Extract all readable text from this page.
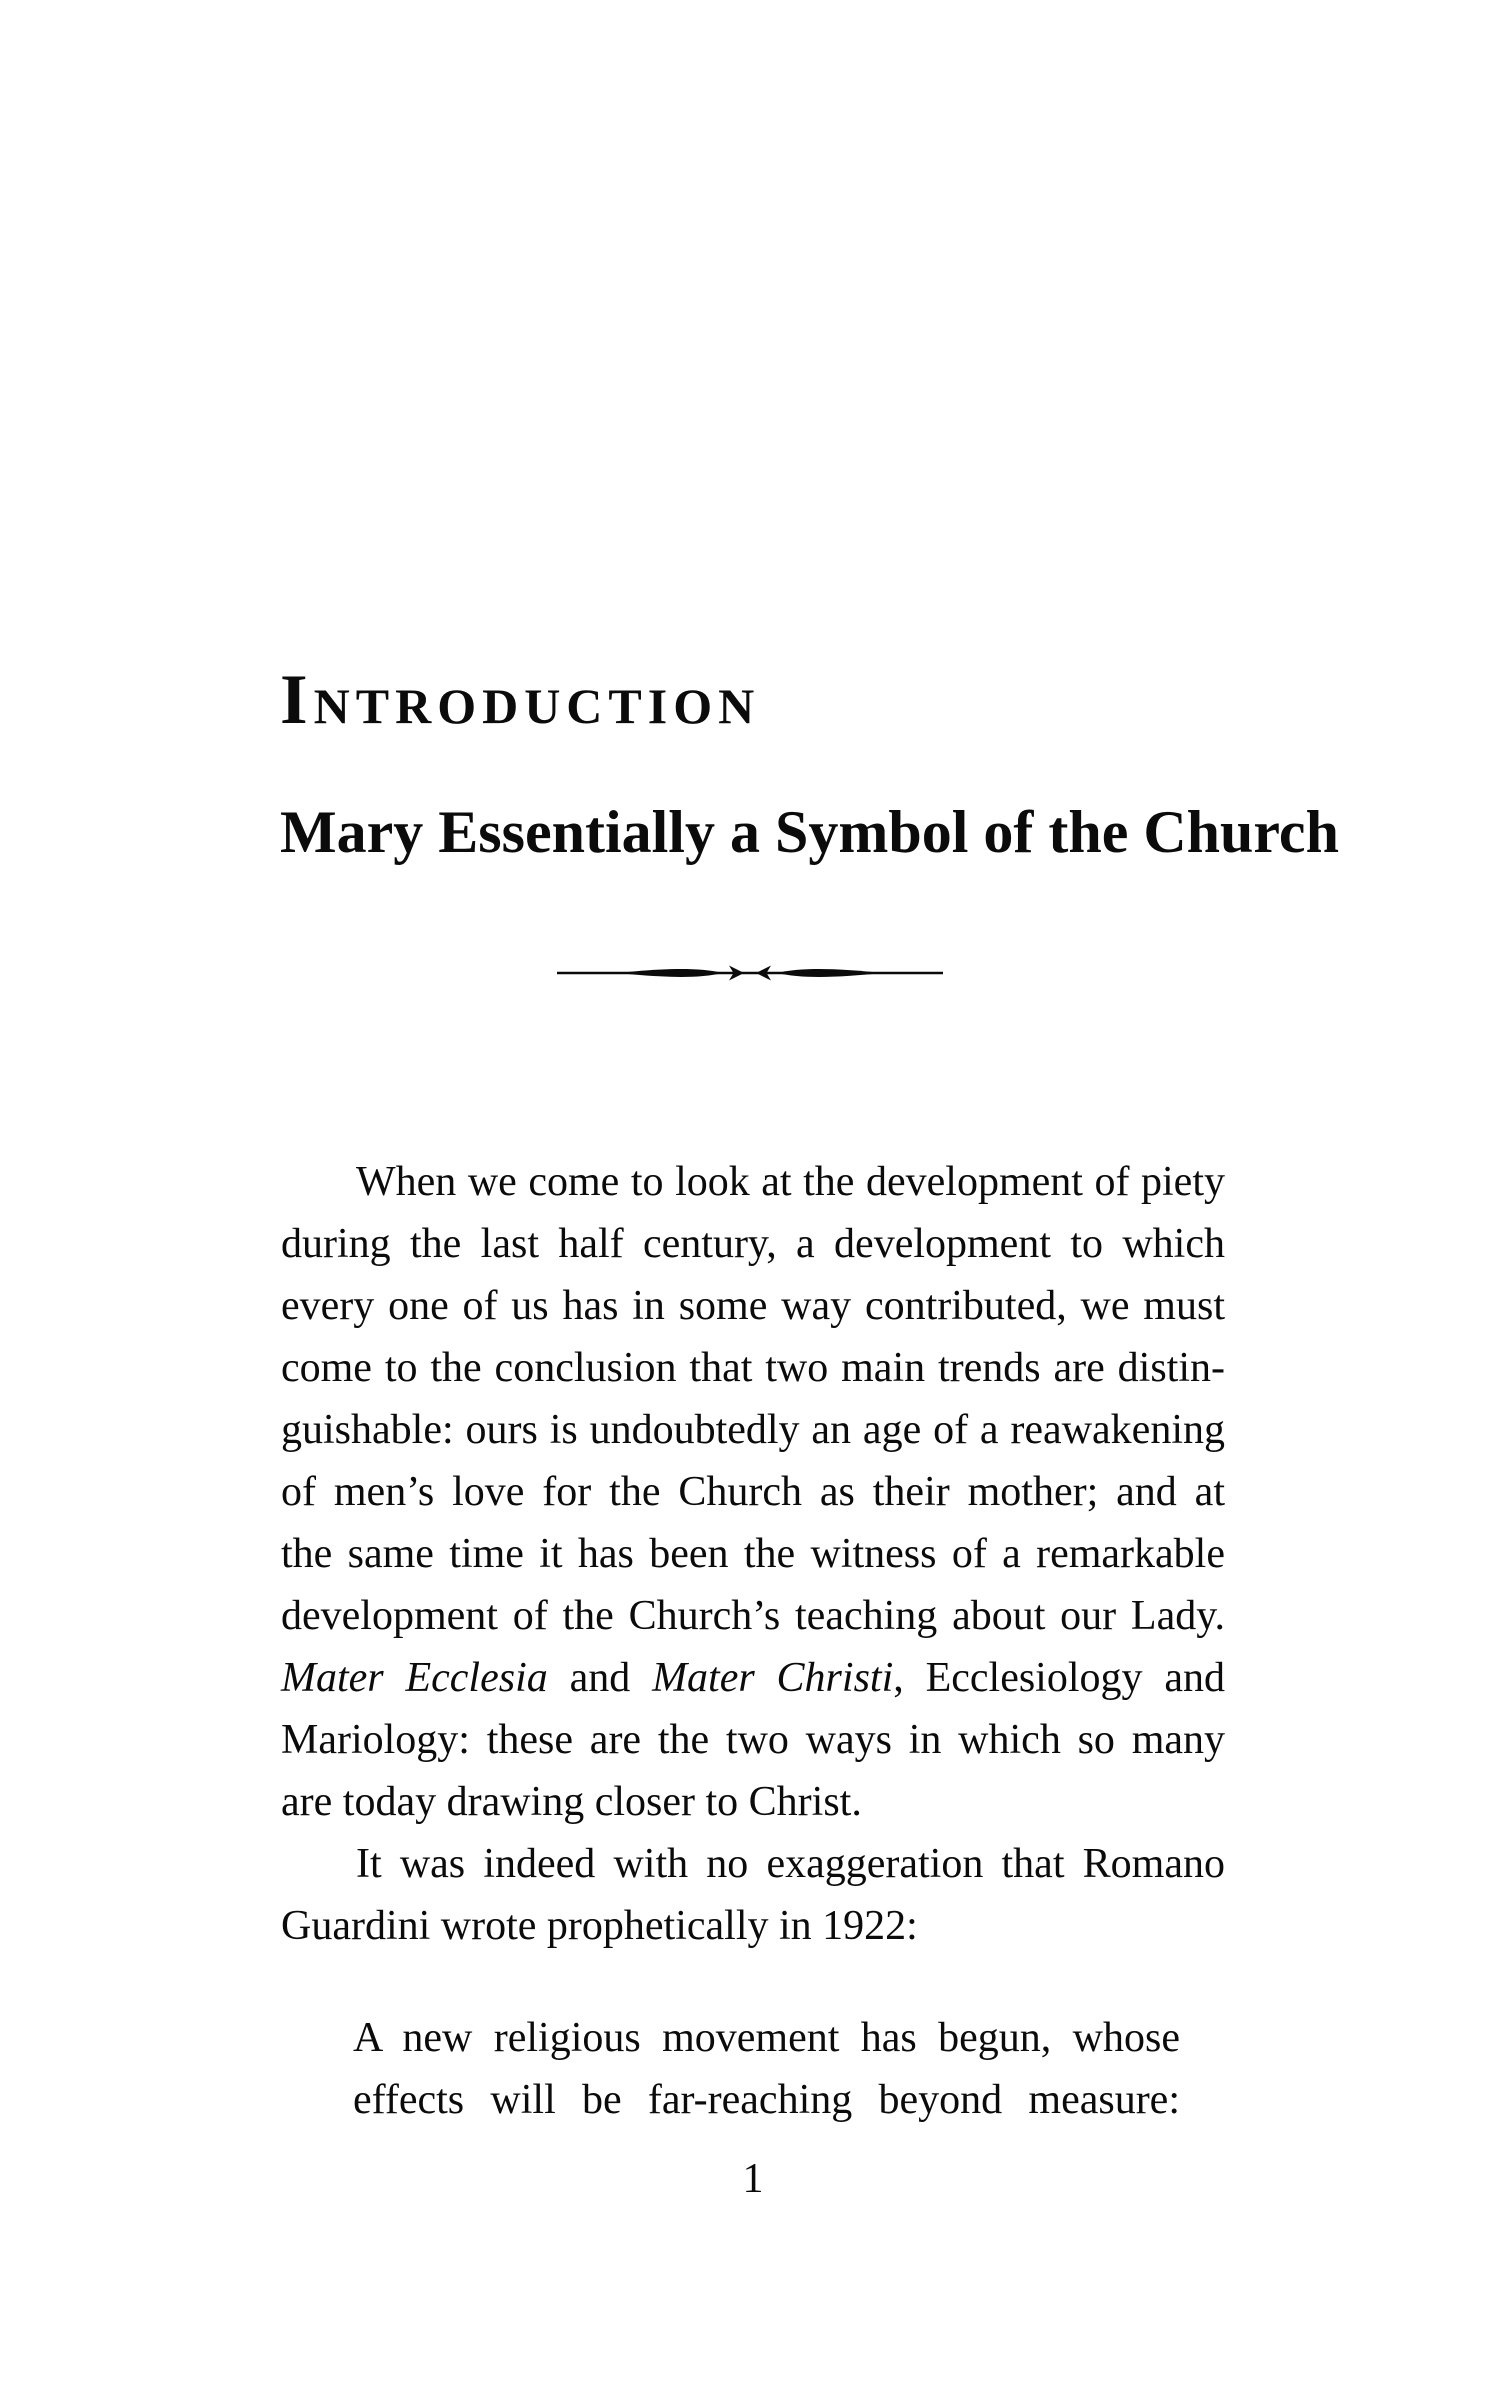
Introduction
Mary Essentially a Symbol of the Church
When we come to look at the development of piety
during the last half century, a development to which
every one of us has in some way contributed, we must
come to the conclusion that two main trends are distin-
guishable: ours is undoubtedly an age of a reawakening
of men’s love for the Church as their mother; and at
the same time it has been the witness of a remarkable
development of the Church’s teaching about our Lady.
Mater Ecclesia and Mater Christi, Ecclesiology and
Mariology: these are the two ways in which so many
are today drawing closer to Christ.
It was indeed with no exaggeration that Romano
Guardini wrote prophetically in 1922:
A new religious movement has begun, whose
effects will be far-reaching beyond measure:
1
